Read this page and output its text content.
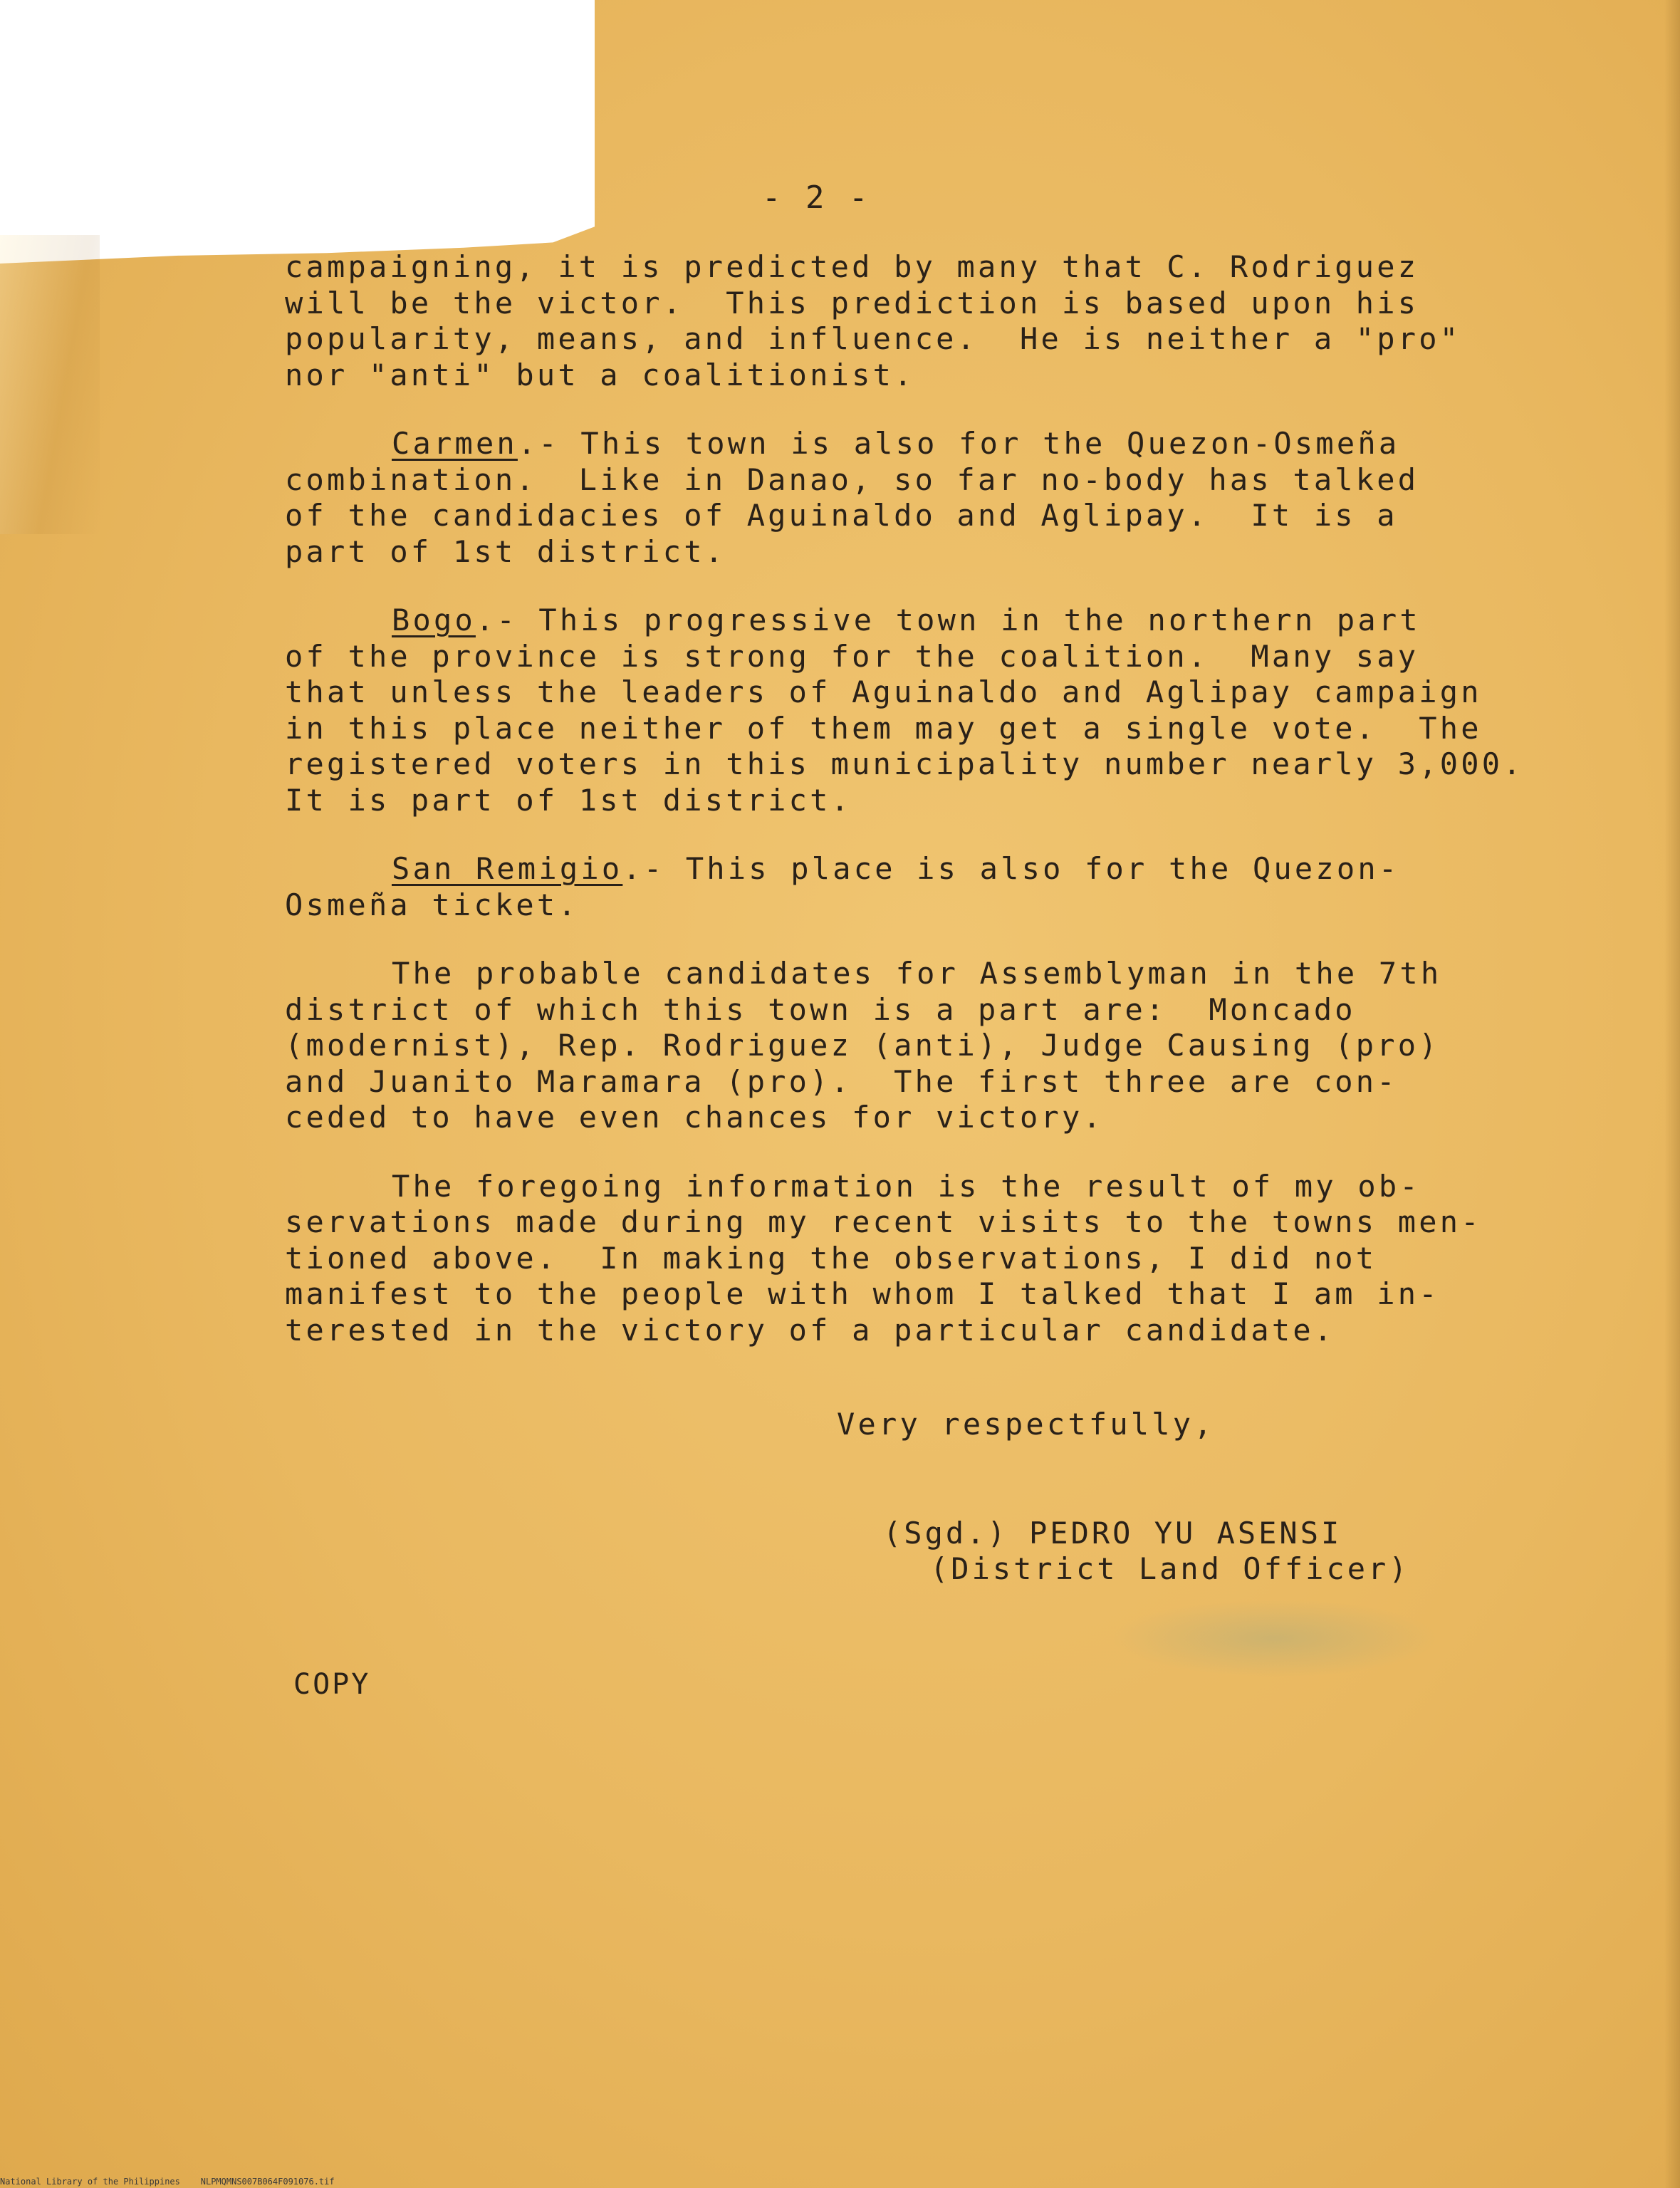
- 2 -
campaigning, it is predicted by many that C. Rodriguez
will be the victor.  This prediction is based upon his
popularity, means, and influence.  He is neither a "pro"
nor "anti" but a coalitionist.
Carmen.- This town is also for the Quezon-Osmeña
combination.  Like in Danao, so far no-body has talked
of the candidacies of Aguinaldo and Aglipay.  It is a
part of 1st district.
Bogo.- This progressive town in the northern part
of the province is strong for the coalition.  Many say
that unless the leaders of Aguinaldo and Aglipay campaign
in this place neither of them may get a single vote.  The
registered voters in this municipality number nearly 3,000.
It is part of 1st district.
San Remigio.- This place is also for the Quezon-
Osmeña ticket.
The probable candidates for Assemblyman in the 7th
district of which this town is a part are:  Moncado
(modernist), Rep. Rodriguez (anti), Judge Causing (pro)
and Juanito Maramara (pro).  The first three are con-
ceded to have even chances for victory.
The foregoing information is the result of my ob-
servations made during my recent visits to the towns men-
tioned above.  In making the observations, I did not
manifest to the people with whom I talked that I am in-
terested in the victory of a particular candidate.
Very respectfully,
(Sgd.) PEDRO YU ASENSI
(District Land Officer)
COPY
National Library of the Philippines    NLPMQMNS007B064F091076.tif
